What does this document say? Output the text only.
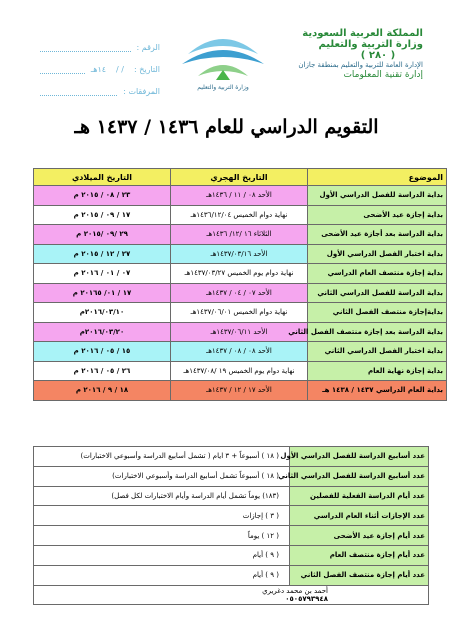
المملكة العربية السعودية
وزارة التربية والتعليم
( ٢٨٠ )
الإدارة العامة للتربية والتعليم بمنطقة جازان
إدارة تقنية المعلومات
وزارة التربية والتعليم
الرقم :
التاريخ :
/ /
١٤هـ
المرفقات :
التقويم الدراسي للعام ١٤٣٦ / ١٤٣٧ هـ
الموضوع	التاريخ الهجري	التاريخ الميلادي
بداية الدراسة للفصل الدراسي الأول	الأحد ٠٨ / ١١ / ١٤٣٦هـ	٢٣ / ٠٨ / ٢٠١٥ م
بداية إجازة عيد الأضحى	نهاية دوام الخميس ١٤٣٦/١٢/٠٤هـ	١٧ / ٠٩ / ٢٠١٥ م
بداية الدراسة بعد أجازة عيد الأضحى	الثلاثاء ١٦ /١٢/ ١٤٣٦هـ	٢٩ /٠٩ /٢٠١٥ م
بداية اختبار الفصل الدراسي الأول	الأحد ١٤٣٧/٠٣/١٦هـ	٢٧ / ١٢ / ٢٠١٥ م
بداية إجازة منتصف العام الدراسي	نهاية دوام يوم الخميس ١٤٣٧/٠٣/٢٧هـ	٠٧ / ٠١ / ٢٠١٦ م
بداية الدراسة للفصل الدراسي الثاني	الأحد ٠٧ / ٠٤ / ١٤٣٧هـ	١٧ / ٠١/ ٢٠١٦٥ م
بدايةإجازة منتصف الفصل الثاني	نهاية دوام الخميس ١٤٣٧/٠٦/٠١هـ	٢٠١٦/٠٣/١٠م
بداية الدراسة بعد إجازة منتصف الفصل الثاني	الأحد ١٤٣٧/٠٦/١١هـ	٢٠١٦/٠٣/٢٠م
بداية اختبار الفصل الدراسي الثاني	الأحد ٠٨ / ٠٨ / ١٤٣٧هـ	١٥ / ٠٥ / ٢٠١٦ م
بداية إجازة نهاية العام	نهاية دوام يوم الخميس ١٩ /١٤٣٧/٠٨هـ	٢٦ / ٠٥ / ٢٠١٦ م
بداية العام الدراسي ١٤٣٧ / ١٤٣٨ هـ	الأحد ١٧ / ١٢ / ١٤٣٧هـ	١٨ / ٩ / ٢٠١٦ م
عدد أسابيع الدراسة للفصل الدراسي الأول	( ١٨ ) أسبوعاً + ٣ ايام ( تشمل أسابيع الدراسة وأسبوعي الاختبارات)
عدد أسابيع الدراسة للفصل الدراسي الثاني	( ١٨ ) أسبوعاً تشمل أسابيع الدراسة وأسبوعي الاختبارات)
عدد أيام الدراسة الفعلية للفصلين	(١٨٣) يوماً تشمل أيام الدراسة وأيام الاختبارات لكل فصل)
عدد الإجازات أثناء العام الدراسي	( ٣ ) إجازات
عدد أيام إجازة عيد الأضحى	( ١٢ ) يوماً
عدد أيام إجازة منتصف العام	( ٩ ) أيام
عدد أيام إجازة منتصف الفصل الثاني	( ٩ ) أيام

أحمد بن محمد دغريري
٠٥٠٥٧٩٣٩٤٨	
